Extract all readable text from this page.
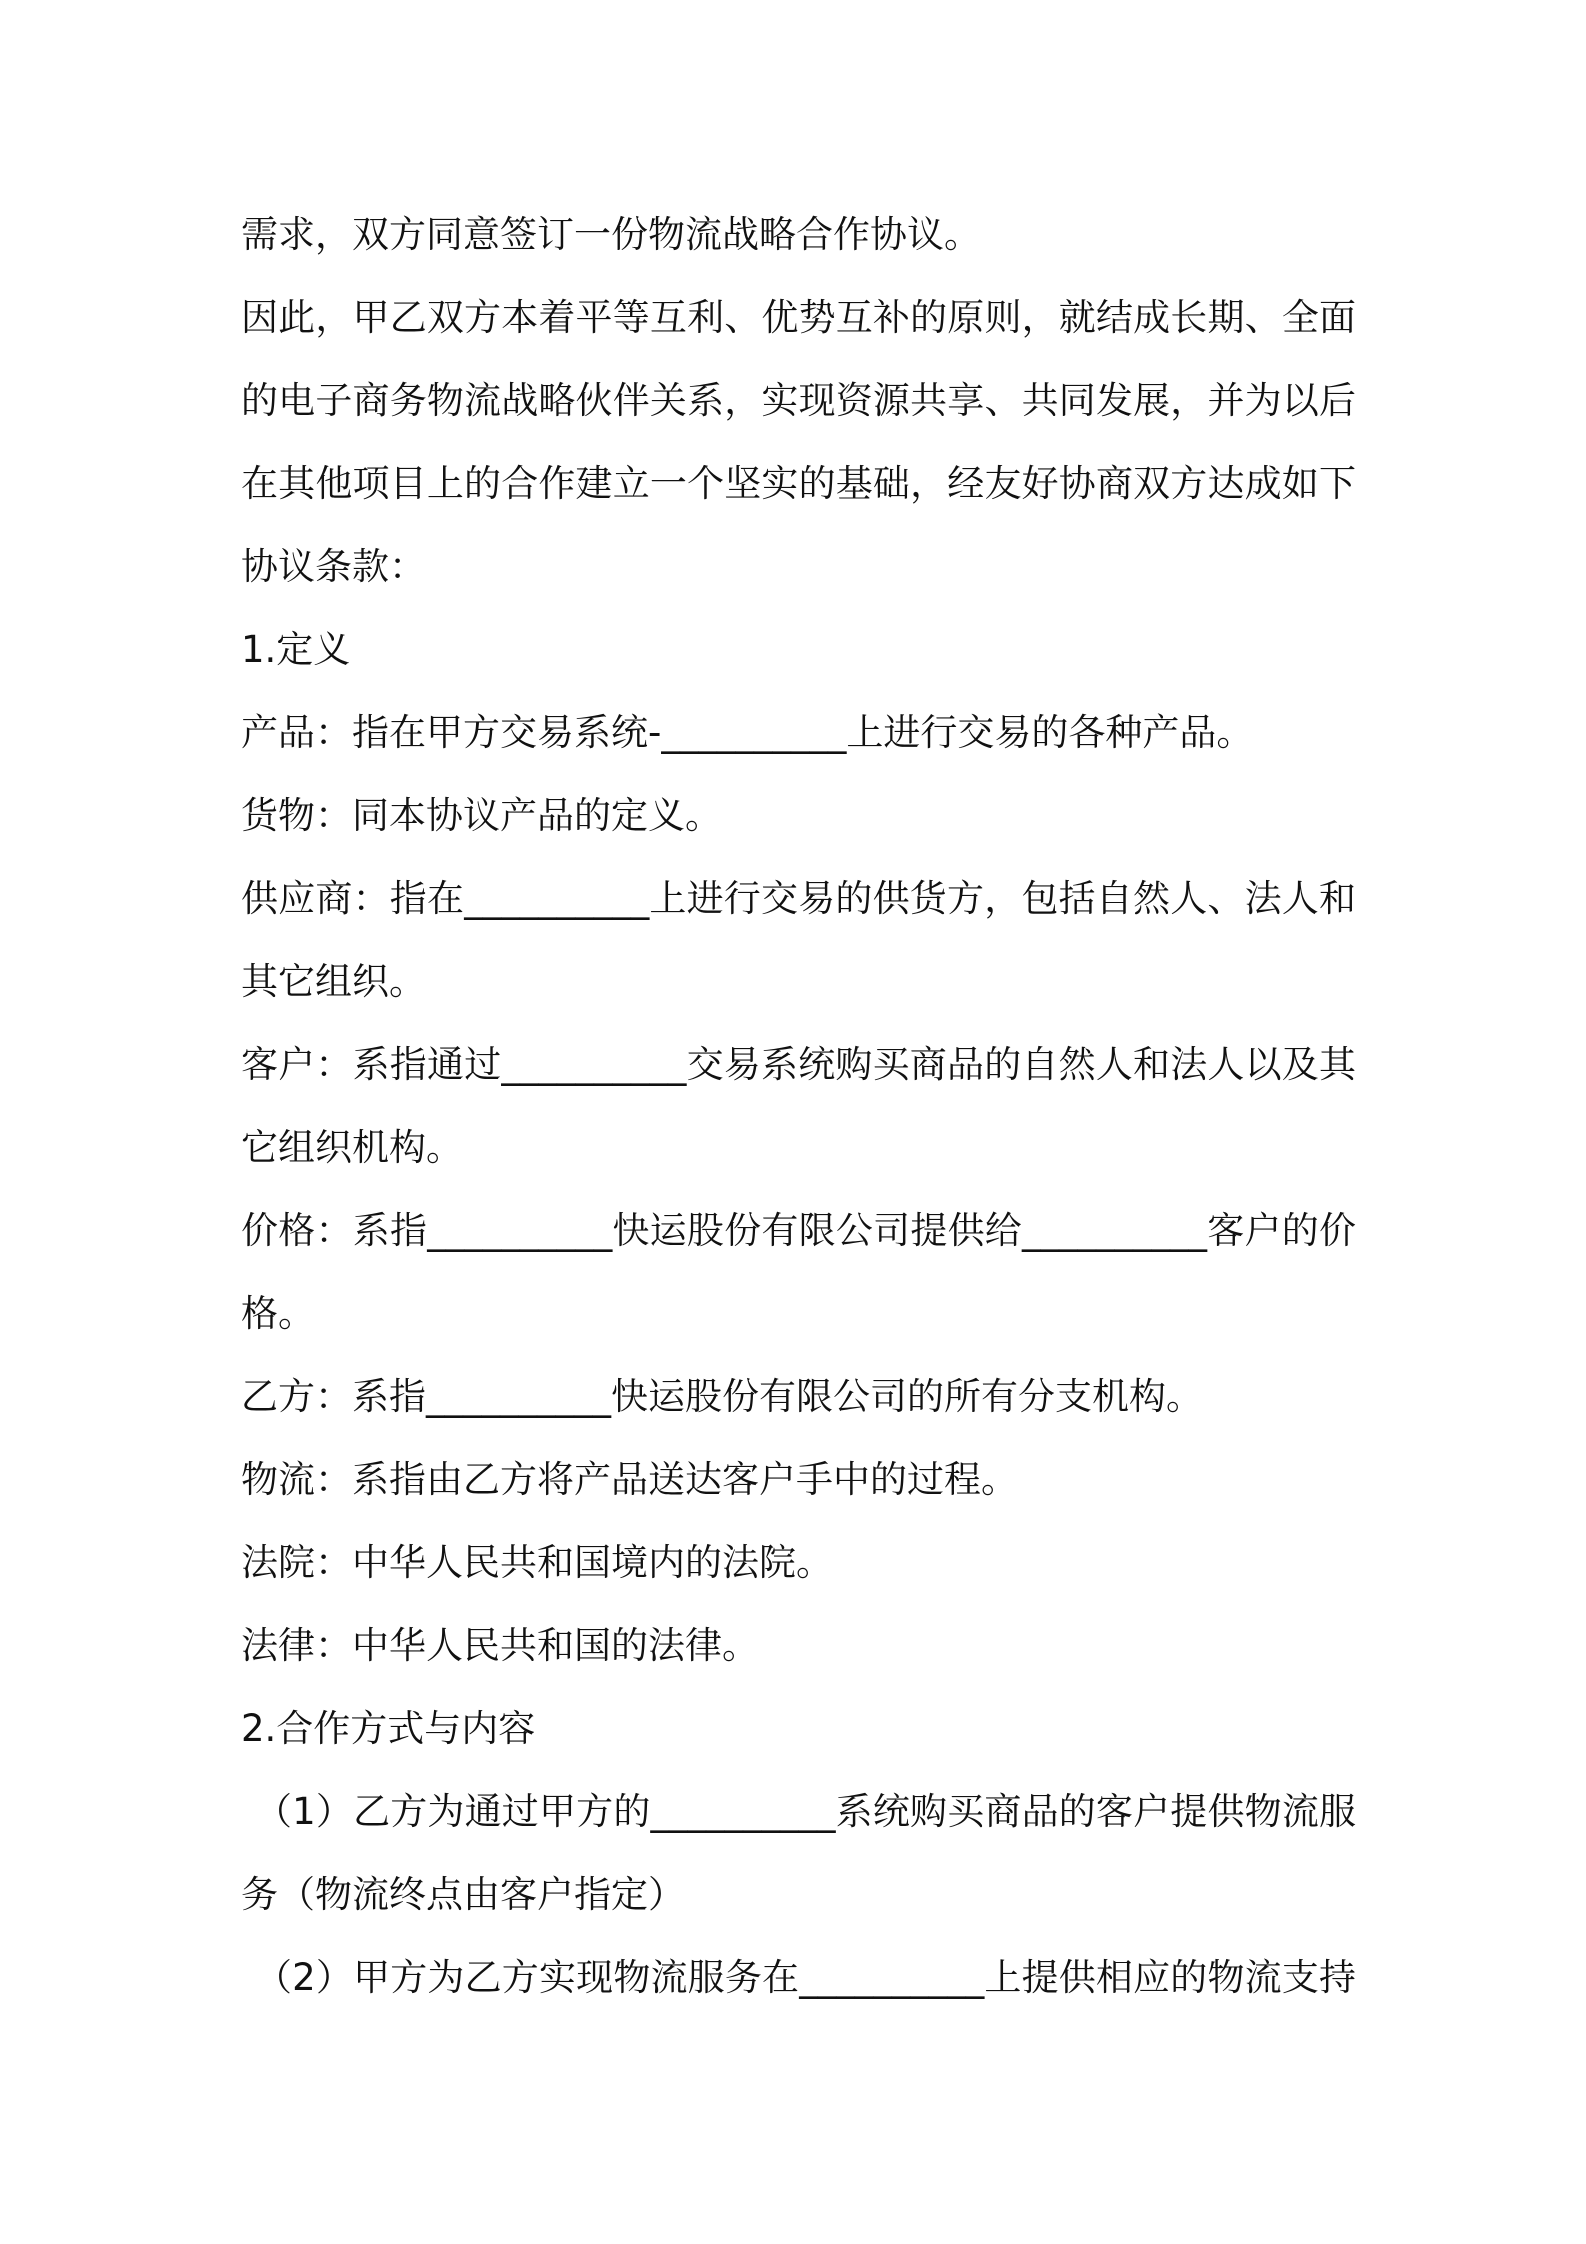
需求，双方同意签订一份物流战略合作协议。
因此，甲乙双方本着平等互利、优势互补的原则，就结成长期、全面
的电子商务物流战略伙伴关系，实现资源共享、共同发展，并为以后
在其他项目上的合作建立一个坚实的基础，经友好协商双方达成如下
协议条款：
1.定义
产品：指在甲方交易系统-__________上进行交易的各种产品。
货物：同本协议产品的定义。
供应商：指在__________上进行交易的供货方，包括自然人、法人和
其它组织。
客户：系指通过__________交易系统购买商品的自然人和法人以及其
它组织机构。
价格：系指__________快运股份有限公司提供给__________客户的价
格。
乙方：系指__________快运股份有限公司的所有分支机构。
物流：系指由乙方将产品送达客户手中的过程。
法院：中华人民共和国境内的法院。
法律：中华人民共和国的法律。
2.合作方式与内容
（1）乙方为通过甲方的__________系统购买商品的客户提供物流服
务（物流终点由客户指定）
（2）甲方为乙方实现物流服务在__________上提供相应的物流支持
